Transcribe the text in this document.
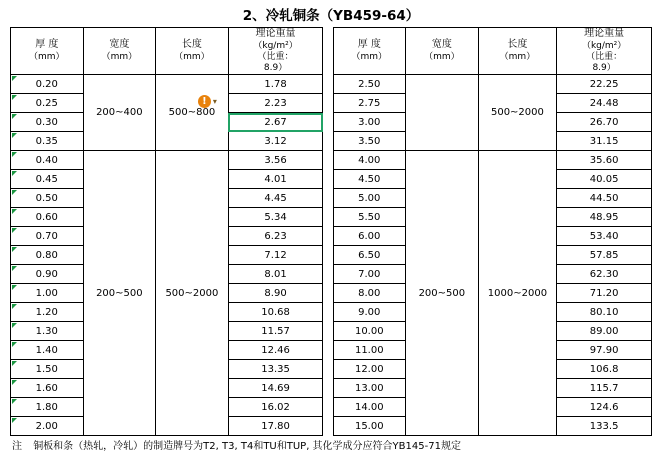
2、冷轧铜条（YB459-64）
厚 度
（mm）

宽度
（mm）

长度
（mm）

理论重量
（kg/m²）
（比重：
8.9）

厚 度
（mm）

宽度
（mm）

长度
（mm）

理论重量
（kg/m²）
（比重：
8.9）

0.20	200~400	500~800	1.78		2.50		500~2000	22.25
0.25			2.23		2.75			24.48
0.30			2.67		3.00			26.70
0.35			3.12		3.50			31.15
0.40	200~500	500~2000	3.56		4.00	200~500	1000~2000	35.60
0.45			4.01		4.50			40.05
0.50			4.45		5.00			44.50
0.60			5.34		5.50			48.95
0.70			6.23		6.00			53.40
0.80			7.12		6.50			57.85
0.90			8.01		7.00			62.30
1.00			8.90		8.00			71.20
1.20			10.68		9.00			80.10
1.30			11.57		10.00			89.00
1.40			12.46		11.00			97.90
1.50			13.35		12.00			106.8
1.60			14.69		13.00			115.7
1.80			16.02		14.00			124.6
2.00			17.80		15.00			133.5
注 铜板和条（热轧，冷轧）的制造牌号为T2, T3, T4和TU和TUP, 其化学成分应符合YB145-71规定
! ▾
